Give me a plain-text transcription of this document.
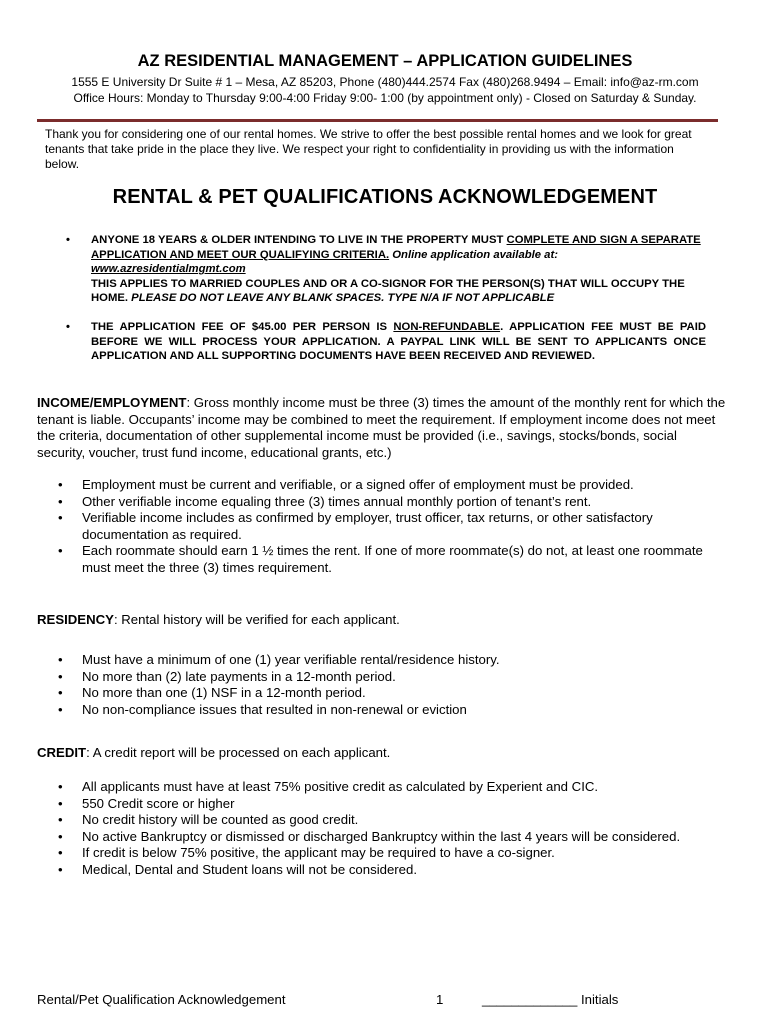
AZ RESIDENTIAL MANAGEMENT – APPLICATION GUIDELINES
1555 E University Dr Suite # 1 – Mesa, AZ 85203, Phone (480)444.2574 Fax (480)268.9494 – Email: info@az-rm.com
Office Hours: Monday to Thursday 9:00-4:00 Friday 9:00- 1:00 (by appointment only) - Closed on Saturday & Sunday.
Thank you for considering one of our rental homes. We strive to offer the best possible rental homes and we look for great tenants that take pride in the place they live. We respect your right to confidentiality in providing us with the information below.
RENTAL & PET QUALIFICATIONS ACKNOWLEDGEMENT
• ANYONE 18 YEARS & OLDER INTENDING TO LIVE IN THE PROPERTY MUST COMPLETE AND SIGN A SEPARATE APPLICATION AND MEET OUR QUALIFYING CRITERIA. Online application available at: www.azresidentialmgmt.com
THIS APPLIES TO MARRIED COUPLES AND OR A CO-SIGNOR FOR THE PERSON(S) THAT WILL OCCUPY THE HOME. PLEASE DO NOT LEAVE ANY BLANK SPACES. TYPE N/A IF NOT APPLICABLE
• THE APPLICATION FEE OF $45.00 PER PERSON IS NON-REFUNDABLE. APPLICATION FEE MUST BE PAID BEFORE WE WILL PROCESS YOUR APPLICATION. A PAYPAL LINK WILL BE SENT TO APPLICANTS ONCE APPLICATION AND ALL SUPPORTING DOCUMENTS HAVE BEEN RECEIVED AND REVIEWED.
INCOME/EMPLOYMENT: Gross monthly income must be three (3) times the amount of the monthly rent for which the tenant is liable. Occupants’ income may be combined to meet the requirement. If employment income does not meet the criteria, documentation of other supplemental income must be provided (i.e., savings, stocks/bonds, social security, voucher, trust fund income, educational grants, etc.)
• Employment must be current and verifiable, or a signed offer of employment must be provided.
• Other verifiable income equaling three (3) times annual monthly portion of tenant’s rent.
• Verifiable income includes as confirmed by employer, trust officer, tax returns, or other satisfactory documentation as required.
• Each roommate should earn 1 ½ times the rent. If one of more roommate(s) do not, at least one roommate must meet the three (3) times requirement.
RESIDENCY: Rental history will be verified for each applicant.
• Must have a minimum of one (1) year verifiable rental/residence history.
• No more than (2) late payments in a 12-month period.
• No more than one (1) NSF in a 12-month period.
• No non-compliance issues that resulted in non-renewal or eviction
CREDIT: A credit report will be processed on each applicant.
• All applicants must have at least 75% positive credit as calculated by Experient and CIC.
• 550 Credit score or higher
• No credit history will be counted as good credit.
• No active Bankruptcy or dismissed or discharged Bankruptcy within the last 4 years will be considered.
• If credit is below 75% positive, the applicant may be required to have a co-signer.
• Medical, Dental and Student loans will not be considered.
Rental/Pet Qualification Acknowledgement	1	_____________ Initials
